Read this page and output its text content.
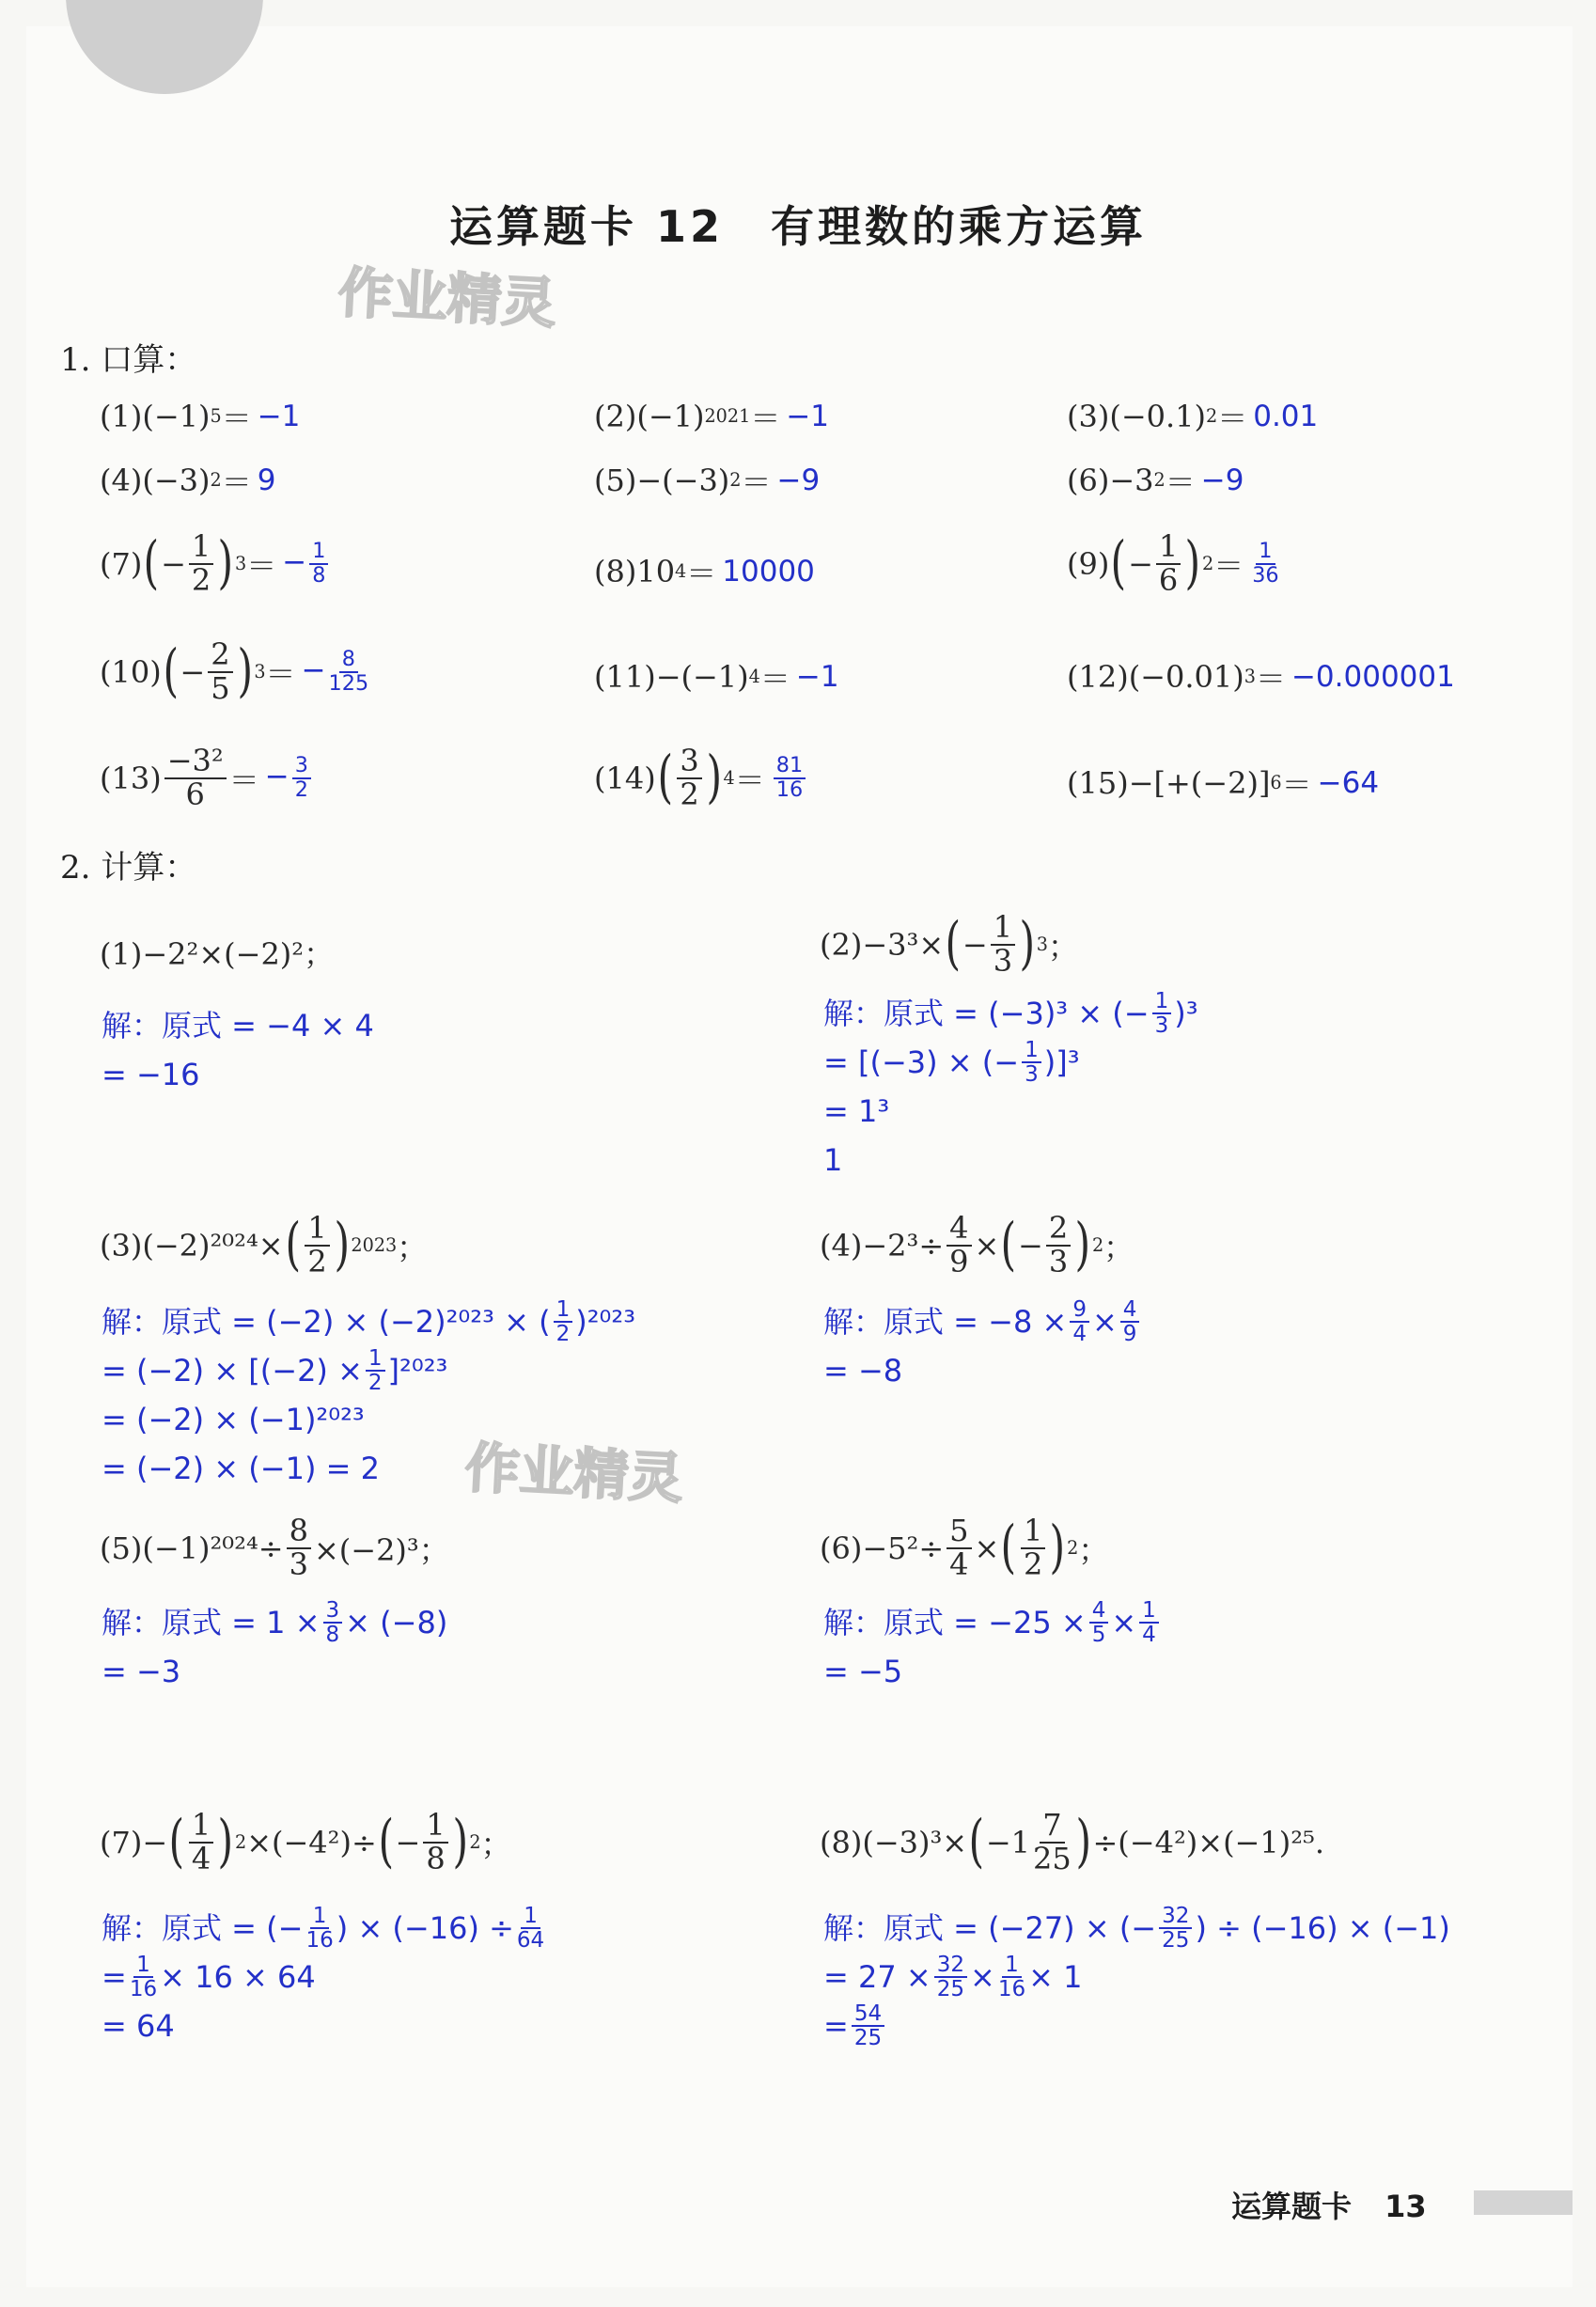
运算题卡 12　有理数的乘方运算
作业精灵
作业精灵
1. 口算：
(1) (−1) 5 ＝ −1	(2) (−1) 2021 ＝ −1	(3) (−0.1) 2 ＝ 0.01
(4) (−3) 2 ＝ 9	(5) −(−3) 2 ＝ −9	(6) −3 2 ＝ −9
(7) ( − $\frac{1}{2}$ ) 3 ＝ − $\frac{1}{8}$	(8) 10 4 ＝ 10000	(9) ( − $\frac{1}{6}$ ) $2 = \frac{1}{36}$
(10) ( − $\frac{2}{5}$ ) 3 ＝ − $\frac{8}{125}$	(11) −(−1) 4 ＝ −1	(12) (−0.01) 3 ＝ −0.000001
$(13) \frac{\text{−3²}}{6}$ ＝ − $\frac{3}{2}$	(14) ( $\frac{3}{2}$ ) $4 = \frac{81}{16}$	(15) −[+(−2)] 6 ＝ −64
2. 计算：
(1)−2²×(−2)²；
解：原式 = −4 × 4
= −16
(2)−3³× ( − $\frac{1}{3}$ ) 3 ；
解：原式 = (−3)³ × (− $\frac{1}{3} )^3$
= [(−3) × (− $\frac{1}{3} )]^3$
= 1³
1
(3)(−2)²⁰²⁴× ( $\frac{1}{2}$ ) 2023 ；
解：原式 = (−2) × (−2)²⁰²³ × ( $\frac{1}{2} )^{2023}$
= $(-2) \times [(-2) \times \frac{1}{2} ]^{2023}$
= (−2) × (−1)²⁰²³
= (−2) × (−1) = 2
$(4)-2^3\div \frac{4}{9}$ × ( − $\frac{2}{3}$ ) 2 ；
解：原式 = $-8 \times \frac{9}{4} \times \frac{4}{9}$
= −8
$(5)(-1)^{2024}\div \frac{8}{3} \times(-2)^3$；
解：原式 = $1 \times \frac{3}{8} \times (-8)$
= −3
$(6)-5^2\div \frac{5}{4}$ × ( $\frac{1}{2}$ ) 2 ；
解：原式 = $-25 \times \frac{4}{5} \times \frac{1}{4}$
= −5
(7)− ( $\frac{1}{4}$ ) 2 ×(−4²)÷ ( − $\frac{1}{8}$ ) 2 ；
解：原式 = (− $\frac{1}{16}$ ) × $(-16) \div \frac{1}{64}$
= $\frac{1}{16} \times 16 \times 64$
= 64
(8)(−3)³× ( $-1 \frac{7}{25}$ ) ÷(−4²)×(−1)²⁵.
解：原式 = (−27) × (− $\frac{32}{25}$ ) ÷ (−16) × (−1)
= $27 \times \frac{32}{25} \times \frac{1}{16} \times 1$
= $\frac{54}{25}$
运算题卡 13
